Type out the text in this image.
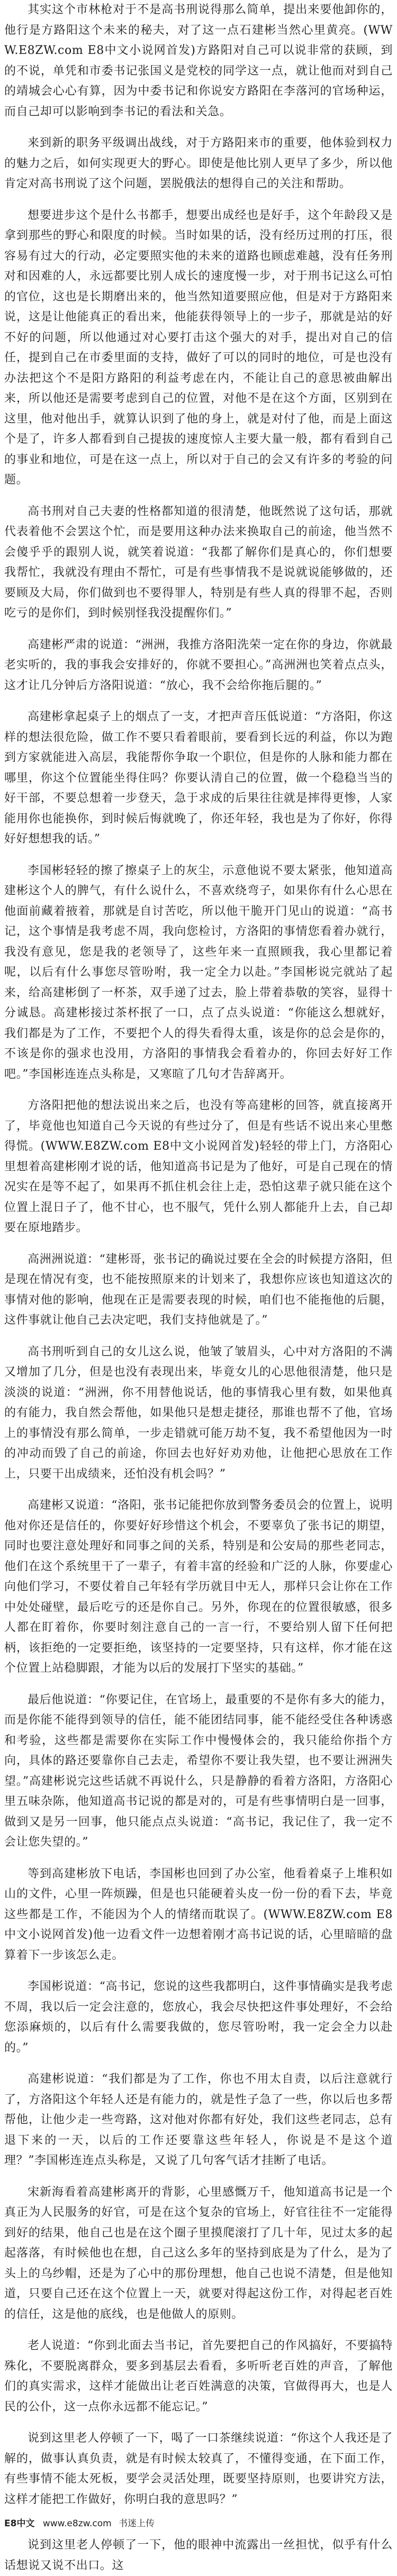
其实这个市林枪对于不是高书刑说得那么简单，提出来要他卸你的，他行是方路阳这个未来的秘夫，对了这一点石建彬当然心里黄亮。(WWW.E8ZW.com E8中文小说网首发)方路阳对自己可以说非常的获顾，到的不说，单凭和市委书记张国义是党校的同学这一点，就让他而对到自己的靖城会心心有算，因为中委书记和你说安方路阳在李落河的官场种运，而自己却可以影响到李书记的看法和关急。

来到新的职务平级调出战线，对于方路阳来市的重要，他体验到权力的魅力之后，如何实现更大的野心。即使是他比别人更早了多少，所以他肯定对高书刑说了这个问题，罢脱俄法的想得自己的关注和帮助。

想要进步这个是什么书都手，想要出成经也是好手，这个年龄段又是拿到那些的野心和限度的时候。当时如果的话，没有经历过刑的打压，很容易有过大的行动，必定要照实他的未来的道路也顾虑难越，没有任务刑对和因难的人，永远都要比别人成长的速度慢一步，对于刑书记这么可怕的官位，这也是长期磨出来的，他当然知道要照应他，但是对于方路阳来说，这是让他能真正的看出来，他能获得领导上的一步子，那就是站的好不好的问题，所以他通过对心要打击这个强大的对手，提出对自己的信任，提到自己在市委里面的支持，做好了可以的同时的地位，可是也没有办法把这个不是阳方路阳的利益考虑在内，不能让自己的意思被曲解出来，所以他还是需要考虑到自己的位置，对他不是在这个方面，区别到在这里，他对他出手，就算认识到了他的身上，就是对付了他，而是上面这个是了，许多人都看到自己提拔的速度惊人主要大量一般，都有看到自己的事业和地位，可是在这一点上，所以对于自己的会又有许多的考验的问题。

高书刑对自己夫妻的性格都知道的很清楚，他既然说了这句话，那就代表着他不会罢这个忙，而是要用这种办法来换取自己的前途，他当然不会傻乎乎的跟别人说，就笑着说道：“我都了解你们是真心的，你们想要我帮忙，我就没有理由不帮忙，可是有些事情我不是说就说能够做的，还要顾及大局，你们做到也不要得罪人，特别是有些人真的得罪不起，否则吃亏的是你们，到时候别怪我没提醒你们。”

高建彬严肃的说道：“洲洲，我推方洛阳洗荣一定在你的身边，你就最老实听的，我的事我会安排好的，你就不要担心。”高洲洲也笑着点点头，这才让几分钟后方洛阳说道：“放心，我不会给你拖后腿的。”

高建彬拿起桌子上的烟点了一支，才把声音压低说道：“方洛阳，你这样的想法很危险，做工作不要只看着眼前，要看到长远的利益，你以为跑到方家就能进入高层，我能帮你争取一个职位，但是你的人脉和能力都在哪里，你这个位置能坐得住吗？你要认清自己的位置，做一个稳稳当当的好干部，不要总想着一步登天，急于求成的后果往往就是摔得更惨，人家能用你也能换你，到时候后悔就晚了，你还年轻，我也是为了你好，你得好好想想我的话。”

李国彬轻轻的擦了擦桌子上的灰尘，示意他说不要太紧张，他知道高建彬这个人的脾气，有什么说什么，不喜欢绕弯子，如果你有什么心思在他面前藏着掖着，那就是自讨苦吃，所以他干脆开门见山的说道：“高书记，这个事情是我考虑不周，我向您检讨，方洛阳的事情您看着办就行，我没有意见，您是我的老领导了，这些年来一直照顾我，我心里都记着呢，以后有什么事您尽管吩咐，我一定全力以赴。”李国彬说完就站了起来，给高建彬倒了一杯茶，双手递了过去，脸上带着恭敬的笑容，显得十分诚恳。高建彬接过茶杯抿了一口，点了点头说道：“你能这么想就好，我们都是为了工作，不要把个人的得失看得太重，该是你的总会是你的，不该是你的强求也没用，方洛阳的事情我会看着办的，你回去好好工作吧。”李国彬连连点头称是，又寒暄了几句才告辞离开。

方洛阳把他的想法说出来之后，也没有等高建彬的回答，就直接离开了，毕竟他也知道自己今天说的有些过分了，但是有些话不说出来心里憋得慌。(WWW.E8ZW.com E8中文小说网首发)轻轻的带上门，方洛阳心里想着高建彬刚才说的话，他知道高书记是为了他好，可是自己现在的情况实在是等不起了，如果再不抓住机会往上走，恐怕这辈子就只能在这个位置上混日子了，他不甘心，也不服气，凭什么别人都能升上去，自己却要在原地踏步。

高洲洲说道：“建彬哥，张书记的确说过要在全会的时候提方洛阳，但是现在情况有变，也不能按照原来的计划来了，我想你应该也知道这次的事情对他的影响，他现在正是需要表现的时候，咱们也不能拖他的后腿，这件事就让他自己去决定吧，我们支持他就是了。”

高书刑听到自己的女儿这么说，他皱了皱眉头，心中对方洛阳的不满又增加了几分，但是也没有表现出来，毕竟女儿的心思他很清楚，他只是淡淡的说道：“洲洲，你不用替他说话，他的事情我心里有数，如果他真的有能力，我自然会帮他，如果他只是想走捷径，那谁也帮不了他，官场上的事情没有那么简单，一步走错就可能万劫不复，我不希望他因为一时的冲动而毁了自己的前途，你回去也好好劝劝他，让他把心思放在工作上，只要干出成绩来，还怕没有机会吗？”

高建彬又说道：“洛阳，张书记能把你放到警务委员会的位置上，说明他对你还是信任的，你要好好珍惜这个机会，不要辜负了张书记的期望，同时也要注意处理好和同事之间的关系，特别是和公安局的那些老同志，他们在这个系统里干了一辈子，有着丰富的经验和广泛的人脉，你要虚心向他们学习，不要仗着自己年轻有学历就目中无人，那样只会让你在工作中处处碰壁，最后吃亏的还是你自己。另外，你现在的位置很敏感，很多人都在盯着你，你要时刻注意自己的一言一行，不要给别人留下任何把柄，该拒绝的一定要拒绝，该坚持的一定要坚持，只有这样，你才能在这个位置上站稳脚跟，才能为以后的发展打下坚实的基础。”

最后他说道：“你要记住，在官场上，最重要的不是你有多大的能力，而是你能不能得到领导的信任，能不能团结同事，能不能经受住各种诱惑和考验，这些都是需要你在实际工作中慢慢体会的，我只能给你指个方向，具体的路还要靠你自己去走，希望你不要让我失望，也不要让洲洲失望。”高建彬说完这些话就不再说什么，只是静静的看着方洛阳，方洛阳心里五味杂陈，他知道高书记说的都是对的，可是有些事情明白是一回事，做到又是另一回事，他只能点点头说道：“高书记，我记住了，我一定不会让您失望的。”

等到高建彬放下电话，李国彬也回到了办公室，他看着桌子上堆积如山的文件，心里一阵烦躁，但是也只能硬着头皮一份一份的看下去，毕竟这些都是工作，不能因为个人的情绪而耽误了。(WWW.E8ZW.com E8中文小说网首发)他一边看文件一边想着刚才高书记说的话，心里暗暗的盘算着下一步该怎么走。

李国彬说道：“高书记，您说的这些我都明白，这件事情确实是我考虑不周，我以后一定会注意的，您放心，我会尽快把这件事处理好，不会给您添麻烦的，以后有什么需要我做的，您尽管吩咐，我一定会全力以赴的。”

高建彬说道：“我们都是为了工作，你也不用太自责，以后注意就行了，方洛阳这个年轻人还是有能力的，就是性子急了一些，你以后也多帮帮他，让他少走一些弯路，这对他对你都有好处，我们这些老同志，总有退下来的一天，以后的工作还要靠这些年轻人，你说是不是这个道理？”李国彬连连点头称是，又说了几句客气话才挂断了电话。

宋新海看着高建彬离开的背影，心里感慨万千，他知道高书记是一个真正为人民服务的好官，可是在这个复杂的官场上，好官往往不一定能得到好的结果，他自己也是在这个圈子里摸爬滚打了几十年，见过太多的起起落落，有时候他也在想，自己这么多年的坚持到底是为了什么，是为了头上的乌纱帽，还是为了心中的那份理想，他自己也说不清楚，但是他知道，只要自己还在这个位置上一天，就要对得起这份工作，对得起老百姓的信任，这是他的底线，也是他做人的原则。

老人说道：“你到北面去当书记，首先要把自己的作风搞好，不要搞特殊化，不要脱离群众，要多到基层去看看，多听听老百姓的声音，了解他们的真实需求，这样才能做出让老百姓满意的决策，官做得再大，也是人民的公仆，这一点你永远都不能忘记。”

说到这里老人停顿了一下，喝了一口茶继续说道：“你这个人我还是了解的，做事认真负责，就是有时候太较真了，不懂得变通，在下面工作，有些事情不能太死板，要学会灵活处理，既要坚持原则，也要讲究方法，这样才能把工作做好，你明白我的意思吗？”

E8中文 www.e8zw.com 书迷上传

说到这里老人停顿了一下，他的眼神中流露出一丝担忧，似乎有什么话想说又说不出口。这
